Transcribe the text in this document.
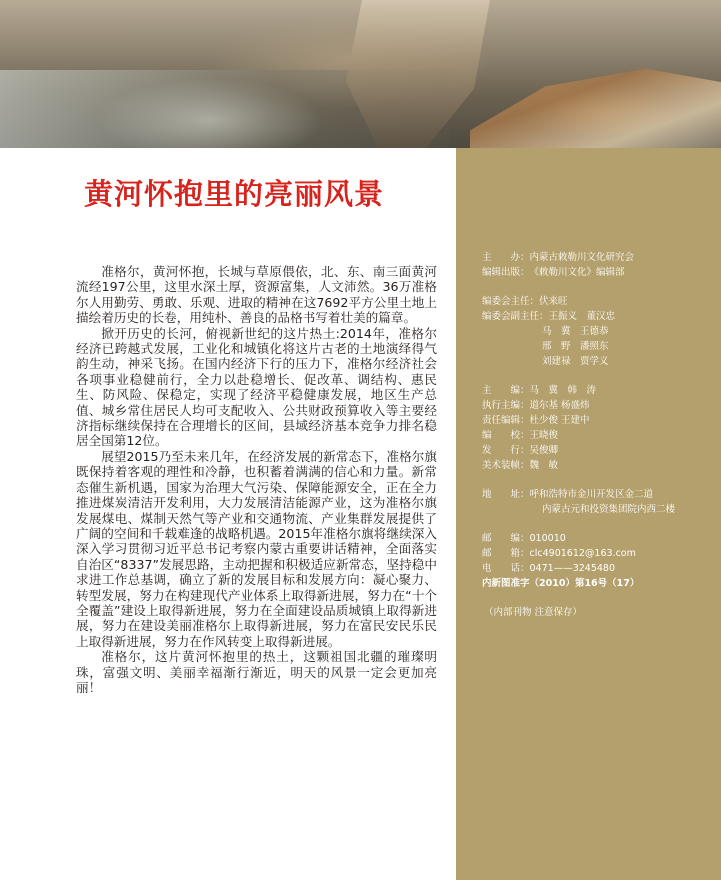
黄河怀抱里的亮丽风景

准格尔，黄河怀抱，长城与草原偎依，北、东、南三面黄河流经197公里，这里水深土厚，资源富集，人文沛然。36万准格尔人用勤劳、勇敢、乐观、进取的精神在这7692平方公里土地上描绘着历史的长卷，用纯朴、善良的品格书写着壮美的篇章。

掀开历史的长河，俯视新世纪的这片热土:2014年，准格尔经济已跨越式发展，工业化和城镇化将这片古老的土地演绎得气韵生动，神采飞扬。在国内经济下行的压力下，准格尔经济社会各项事业稳健前行，全力以赴稳增长、促改革、调结构、惠民生、防风险、保稳定，实现了经济平稳健康发展，地区生产总值、城乡常住居民人均可支配收入、公共财政预算收入等主要经济指标继续保持在合理增长的区间，县域经济基本竞争力排名稳居全国第12位。

展望2015乃至未来几年，在经济发展的新常态下，准格尔旗既保持着客观的理性和冷静，也积蓄着满满的信心和力量。新常态催生新机遇，国家为治理大气污染、保障能源安全，正在全力推进煤炭清洁开发利用，大力发展清洁能源产业，这为准格尔旗发展煤电、煤制天然气等产业和交通物流、产业集群发展提供了广阔的空间和千载难逢的战略机遇。2015年准格尔旗将继续深入深入学习贯彻习近平总书记考察内蒙古重要讲话精神，全面落实自治区“8337”发展思路，主动把握和积极适应新常态，坚持稳中求进工作总基调，确立了新的发展目标和发展方向：凝心聚力、转型发展，努力在构建现代产业体系上取得新进展，努力在“十个全覆盖”建设上取得新进展，努力在全面建设品质城镇上取得新进展，努力在建设美丽准格尔上取得新进展，努力在富民安民乐民上取得新进展，努力在作风转变上取得新进展。

准格尔，这片黄河怀抱里的热土，这颗祖国北疆的璀璨明珠，富强文明、美丽幸福渐行渐近，明天的风景一定会更加亮丽！

主　　办： 内蒙古敕勒川文化研究会
编辑出版： 《敕勒川文化》编辑部
编委会主任： 伏来旺
编委会副主任： 王振义　董汉忠
马　冀　王德恭
邢　野　潘照东
刘建禄　贾学义
主　　编： 马　冀　韩　涛
执行主编： 道尔基 杨盛炜
责任编辑： 杜少俊 王建中
编　　校： 王晓俊
发　　行： 吴俊卿
美术装帧： 魏　敏
地　　址： 呼和浩特市金川开发区金二道
内蒙古元和投资集团院内西二楼
邮　　编： 010010
邮　　箱： clc4901612@163.com
电　　话： 0471——3245480
内新图准字（2010）第16号（17）
（内部刊物 注意保存）
